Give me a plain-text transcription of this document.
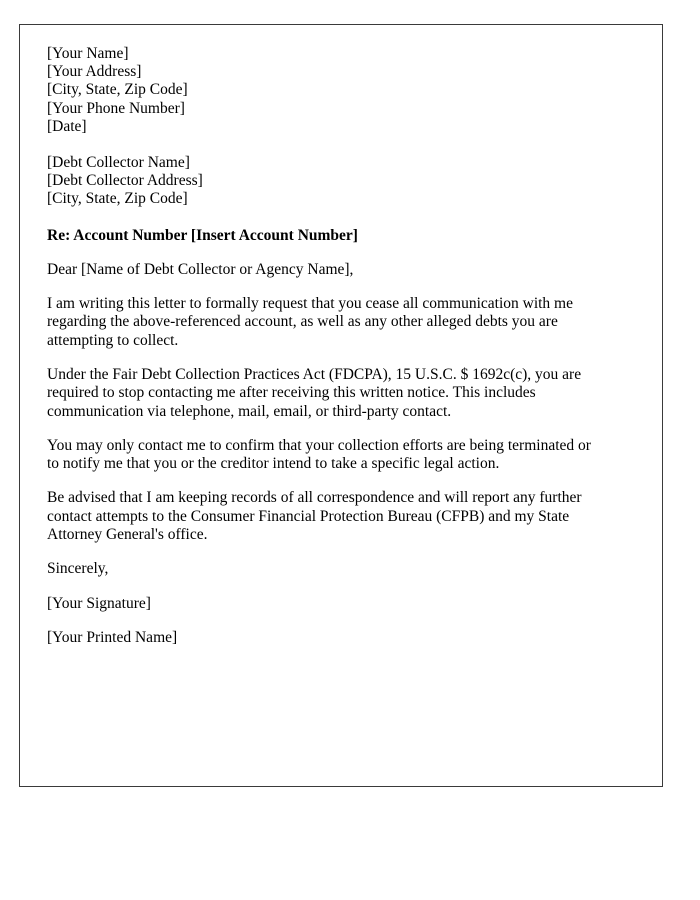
[Your Name]
[Your Address]
[City, State, Zip Code]
[Your Phone Number]
[Date]
[Debt Collector Name]
[Debt Collector Address]
[City, State, Zip Code]
Re: Account Number [Insert Account Number]
Dear [Name of Debt Collector or Agency Name],
I am writing this letter to formally request that you cease all communication with me regarding the above-referenced account, as well as any other alleged debts you are attempting to collect.
Under the Fair Debt Collection Practices Act (FDCPA), 15 U.S.C. $ 1692c(c), you are required to stop contacting me after receiving this written notice. This includes communication via telephone, mail, email, or third-party contact.
You may only contact me to confirm that your collection efforts are being terminated or to notify me that you or the creditor intend to take a specific legal action.
Be advised that I am keeping records of all correspondence and will report any further contact attempts to the Consumer Financial Protection Bureau (CFPB) and my State Attorney General's office.
Sincerely,
[Your Signature]
[Your Printed Name]
